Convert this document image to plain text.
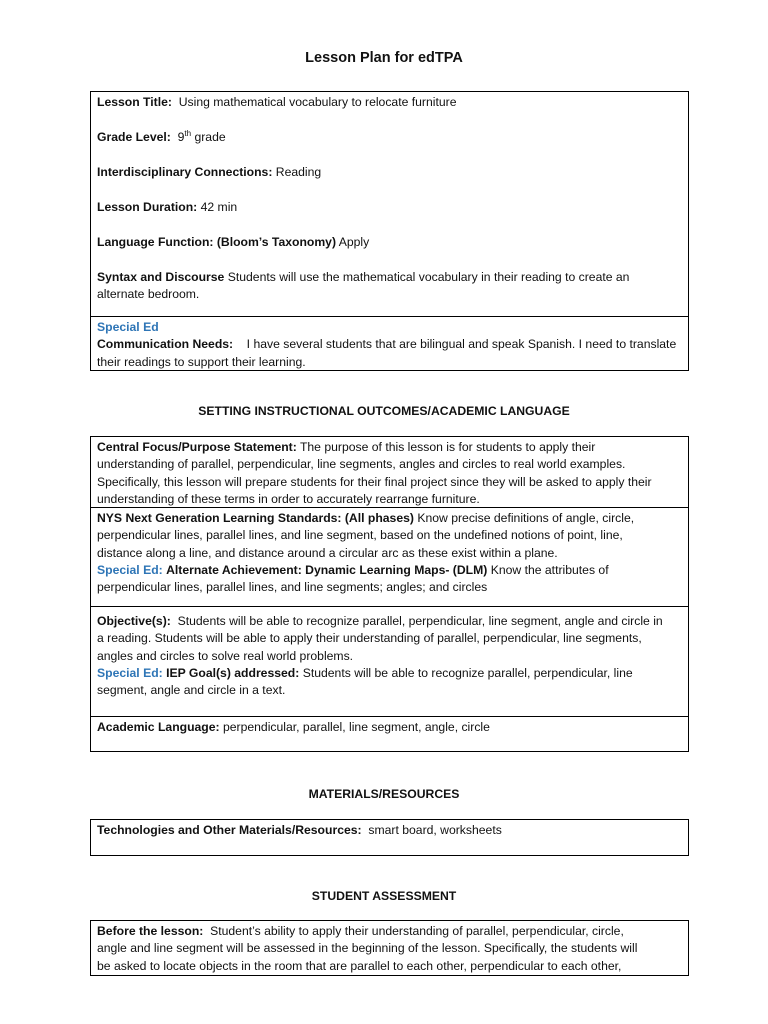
Lesson Plan for edTPA
Lesson Title: Using mathematical vocabulary to relocate furniture
Grade Level: 9th grade
Interdisciplinary Connections: Reading
Lesson Duration: 42 min
Language Function: (Bloom’s Taxonomy) Apply
Syntax and Discourse Students will use the mathematical vocabulary in their reading to create an
alternate bedroom.
Special Ed
Communication Needs: I have several students that are bilingual and speak Spanish. I need to translate
their readings to support their learning.
SETTING INSTRUCTIONAL OUTCOMES/ACADEMIC LANGUAGE
Central Focus/Purpose Statement: The purpose of this lesson is for students to apply their
understanding of parallel, perpendicular, line segments, angles and circles to real world examples.
Specifically, this lesson will prepare students for their final project since they will be asked to apply their
understanding of these terms in order to accurately rearrange furniture.
NYS Next Generation Learning Standards: (All phases) Know precise definitions of angle, circle,
perpendicular lines, parallel lines, and line segment, based on the undefined notions of point, line,
distance along a line, and distance around a circular arc as these exist within a plane.
Special Ed: Alternate Achievement: Dynamic Learning Maps- (DLM) Know the attributes of
perpendicular lines, parallel lines, and line segments; angles; and circles
Objective(s): Students will be able to recognize parallel, perpendicular, line segment, angle and circle in
a reading. Students will be able to apply their understanding of parallel, perpendicular, line segments,
angles and circles to solve real world problems.
Special Ed: IEP Goal(s) addressed: Students will be able to recognize parallel, perpendicular, line
segment, angle and circle in a text.
Academic Language: perpendicular, parallel, line segment, angle, circle
MATERIALS/RESOURCES
Technologies and Other Materials/Resources: smart board, worksheets
STUDENT ASSESSMENT
Before the lesson: Student’s ability to apply their understanding of parallel, perpendicular, circle,
angle and line segment will be assessed in the beginning of the lesson. Specifically, the students will
be asked to locate objects in the room that are parallel to each other, perpendicular to each other,
